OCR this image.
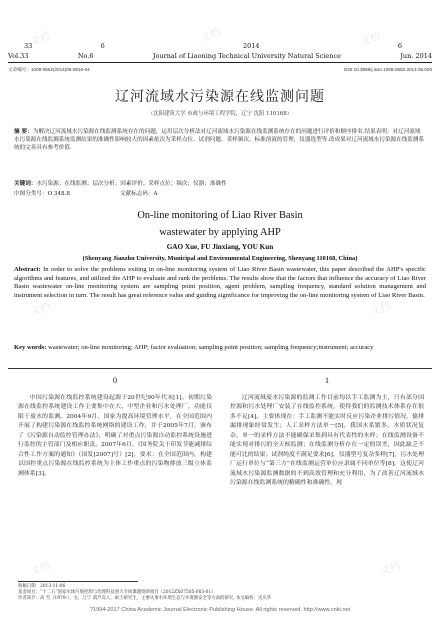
文档	文档	文档
文档	文档
文档	文档
33	6	2014	6
Vol.33	No.6	Journal of Liaoning Technical University Natural Science	Jun. 2014
文章编号：1008-0562(2014)06-0816-04	DOI:10.3969/j.issn.1008-0562.2014.06.020
辽河流域水污染源在线监测问题
（沈阳建筑大学 市政与环境工程学院，辽宁 沈阳 110168）
摘 要：为解决辽河流域水污染源在线监测系统存在的问题，运用层次分析法对辽河流域水污染源在线监测系统存在的问题进行评价和顺序排名.结果表明：对辽河流域水污染源在线监测系统监测结果的准确性影响较大的因素依次为采样点位、试剂问题、采样频次、标准溶液的管理，仪器选型等.改成果对辽河流域水污染源在线监测系统的完善具有参考价值.
关键词：水污染源；在线监测；层次分析；因素评价；采样点位；频次；仪器；准确性
中图分类号：O 348.8	文献标志码：A
On-line monitoring of Liao River Basin
wastewater by applying AHP
GAO Xue, FU Jinxiang, YOU Kun
(Shenyang Jianzhu University, Municipal and Environmental Engineering, Shenyang 110168, China)
Abstract: In order to solve the problems exiting in on-line monitoring system of Liao River Basin wastewater, this paper described the AHP's specific algorithms and features, and utilized the AHP to evaluate and rank the problems. The results show that the factors that influence the accuracy of Liao River Basin wastewater on-line monitoring system are sampling point position, agent problem, sampling frequency, standard solution management and instrument selection in turn. The result has great reference value and guiding significance for improving the on-line monitoring system of Liao River Basin.
Key words: wastewater; on-line monitoring; AHP; factor evaluation; sampling point position; sampling frequency;instrument; accuracy
0

中国污染源在线监控系统建设起源于20世纪90年代末[1]。初期污染源在线监控系统建设工作主要集中在大、中型企业和污水处理厂，功能仅限于废水的监测。2004年9月，国家为提高环境管理水平，在全国范围内开展了构建污染源在线监控系统网络的建设工作，并于2005年7月，颁布了《污染源自动监控管理办法》，明确了对重点污染源自动监控系统设施进行监控的主管部门及相应职责。2007年6月，《国务院关于印发节能减排综合性工作方案的通知》（国发[2007]号）[2]，要求：在全国范围内，构建以国控重点污染源在线监控系统为主体工作重点的污染物排放三级立体监测体系[3]。

1

辽河流域废水污染源的监测工作目前均以手工监测为主，只有部分国控源和污水处理厂安装了在线监控系统，使得我们的监测技术体系存在很多不足[4]。主要体现在：手工监测不能实时反应污染企业排污情况，偷排漏排现象经常发生；人工采样方法单一[5]，我国水系繁多，水质状况复杂，单一的采样方法不能确保采集到具有代表性的水样；在线监测设备不能实现对排污的全天候监测；在线监测分析存在一定的误差，因此缺乏不能可比的结果；试剂纯度不满足要求[6]，仪器型号复杂多样[7]，污水处理厂运行单位与“第三方”在线监测运营单位应隶属不同单位等[8]。这使辽河流域水污染源监测数据的不到高效管理和充分利用，为了改善辽河流域水污染源在线监测系统的精确性和准确性，现

收稿日期：2013-11-06
基金项目：“十二五”国家水体污染控制与治理科技重大专项课题资助项目（2012ZX07505-003-01）
作者简介：高 雪（1979-），女，辽宁 葫芦岛人，硕士研究生，主要从事水环境生态与水资源安全等方面的研究. 本文编校：史庆华
?1994-2017 China Academic Journal Electronic Publishing House. All rights reserved. http://www.cnki.net
